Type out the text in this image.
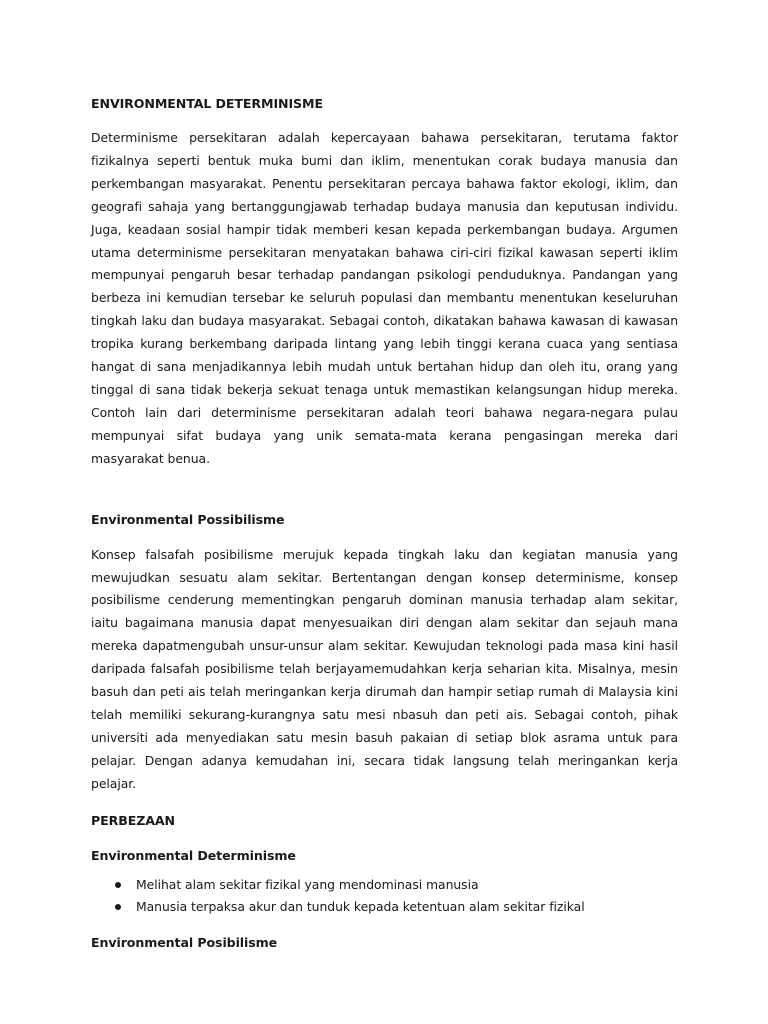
ENVIRONMENTAL DETERMINISME

Determinisme persekitaran adalah kepercayaan bahawa persekitaran, terutama faktor fizikalnya seperti bentuk muka bumi dan iklim, menentukan corak budaya manusia dan perkembangan masyarakat. Penentu persekitaran percaya bahawa faktor ekologi, iklim, dan geografi sahaja yang bertanggungjawab terhadap budaya manusia dan keputusan individu. Juga, keadaan sosial hampir tidak memberi kesan kepada perkembangan budaya. Argumen utama determinisme persekitaran menyatakan bahawa ciri-ciri fizikal kawasan seperti iklim mempunyai pengaruh besar terhadap pandangan psikologi penduduknya. Pandangan yang berbeza ini kemudian tersebar ke seluruh populasi dan membantu menentukan keseluruhan tingkah laku dan budaya masyarakat. Sebagai contoh, dikatakan bahawa kawasan di kawasan tropika kurang berkembang daripada lintang yang lebih tinggi kerana cuaca yang sentiasa hangat di sana menjadikannya lebih mudah untuk bertahan hidup dan oleh itu, orang yang tinggal di sana tidak bekerja sekuat tenaga untuk memastikan kelangsungan hidup mereka. Contoh lain dari determinisme persekitaran adalah teori bahawa negara-negara pulau mempunyai sifat budaya yang unik semata-mata kerana pengasingan mereka dari masyarakat benua.

Environmental Possibilisme

Konsep falsafah posibilisme merujuk kepada tingkah laku dan kegiatan manusia yang mewujudkan sesuatu alam sekitar. Bertentangan dengan konsep determinisme, konsep posibilisme cenderung mementingkan pengaruh dominan manusia terhadap alam sekitar, iaitu bagaimana manusia dapat menyesuaikan diri dengan alam sekitar dan sejauh mana mereka dapatmengubah unsur-unsur alam sekitar. Kewujudan teknologi pada masa kini hasil daripada falsafah posibilisme telah berjayamemudahkan kerja seharian kita. Misalnya, mesin basuh dan peti ais telah meringankan kerja dirumah dan hampir setiap rumah di Malaysia kini telah memiliki sekurang-kurangnya satu mesi nbasuh dan peti ais. Sebagai contoh, pihak universiti ada menyediakan satu mesin basuh pakaian di setiap blok asrama untuk para pelajar. Dengan adanya kemudahan ini, secara tidak langsung telah meringankan kerja pelajar.

PERBEZAAN
Environmental Determinisme
Melihat alam sekitar fizikal yang mendominasi manusia
Manusia terpaksa akur dan tunduk kepada ketentuan alam sekitar fizikal
Environmental Posibilisme
